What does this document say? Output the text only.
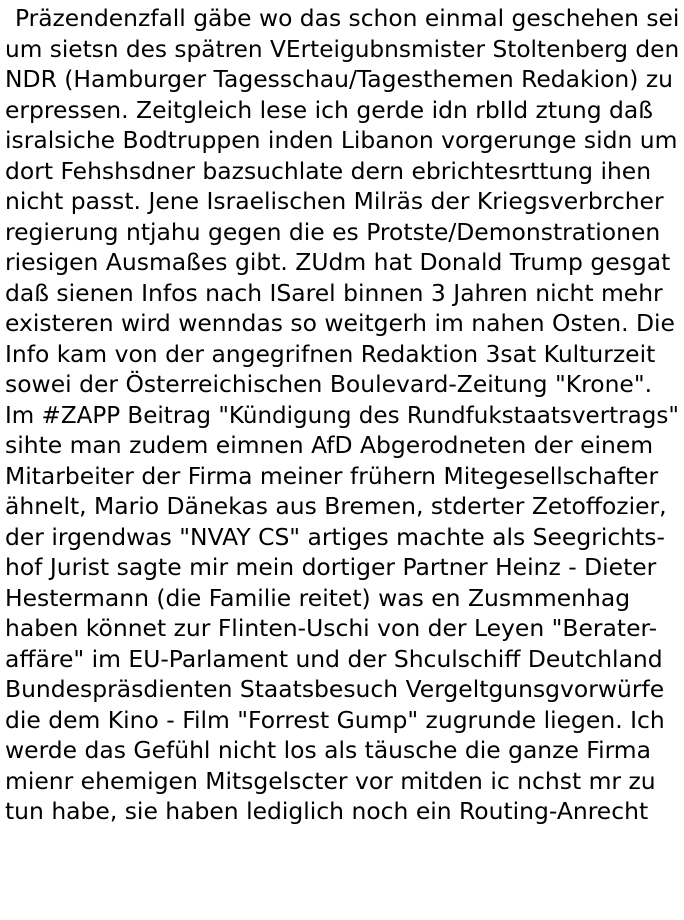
Präzendenzfall gäbe wo das schon einmal geschehen sei
um sietsn des spätren VErteigubnsmister Stoltenberg den
NDR (Hamburger Tagesschau/Tagesthemen Redakion) zu
erpressen. Zeitgleich lese ich gerde idn rbIld ztung daß
isralsiche Bodtruppen inden Libanon vorgerunge sidn um
dort Fehshsdner bazsuchlate dern ebrichtesrttung ihen
nicht passt. Jene Israelischen Milräs der Kriegsverbrcher
regierung ntjahu gegen die es Protste/Demonstrationen
riesigen Ausmaßes gibt. ZUdm hat Donald Trump gesgat
daß sienen Infos nach ISarel binnen 3 Jahren nicht mehr
existeren wird wenndas so weitgerh im nahen Osten. Die
Info kam von der angegrifnen Redaktion 3sat Kulturzeit
sowei der Österreichischen Boulevard-Zeitung "Krone".
Im #ZAPP Beitrag "Kündigung des Rundfukstaatsvertrags"
sihte man zudem eimnen AfD Abgerodneten der einem
Mitarbeiter der Firma meiner frühern Mitegesellschafter
ähnelt, Mario Dänekas aus Bremen, stderter Zetoffozier,
der irgendwas "NVAY CS" artiges machte als Seegrichts-
hof Jurist sagte mir mein dortiger Partner Heinz - Dieter
Hestermann (die Familie reitet) was en Zusmmenhag
haben könnet zur Flinten-Uschi von der Leyen "Berater-
affäre" im EU-Parlament und der Shculschiff Deutchland
Bundespräsdienten Staatsbesuch Vergeltgunsgvorwürfe
die dem Kino - Film "Forrest Gump" zugrunde liegen. Ich
werde das Gefühl nicht los als täusche die ganze Firma
mienr ehemigen Mitsgelscter vor mitden ic nchst mr zu
tun habe, sie haben lediglich noch ein Routing-Anrecht
